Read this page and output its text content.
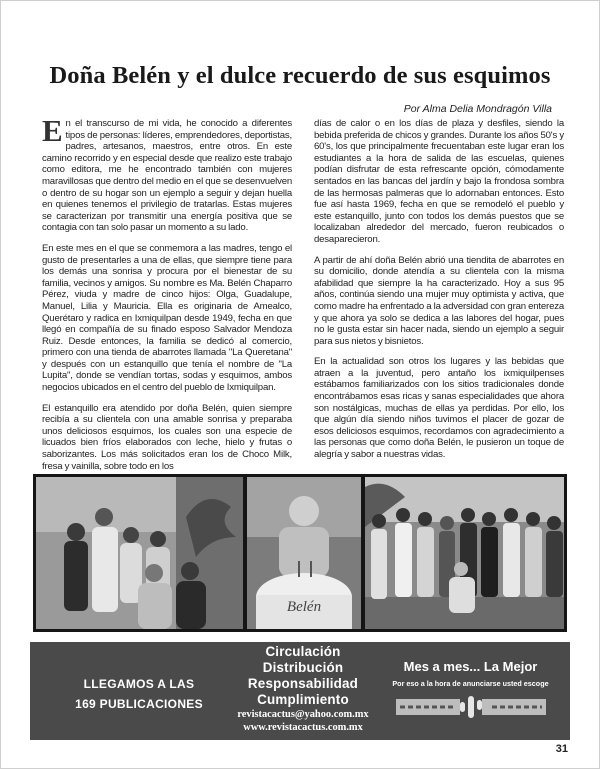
Doña Belén y el dulce recuerdo de sus esquimos
Por Alma Delia Mondragón Villa

En el transcurso de mi vida, he conocido a diferentes tipos de personas: líderes, emprendedores, deportistas, padres, artesanos, maestros, entre otros. En este camino recorrido y en especial desde que realizo este trabajo como editora, me he encontrado también con mujeres maravillosas que dentro del medio en el que se desenvuelven o dentro de su hogar son un ejemplo a seguir y dejan huella en quienes tenemos el privilegio de tratarlas. Estas mujeres se caracterizan por transmitir una energía positiva que se contagia con tan solo pasar un momento a su lado.

En este mes en el que se conmemora a las madres, tengo el gusto de presentarles a una de ellas, que siempre tiene para los demás una sonrisa y procura por el bienestar de su familia, vecinos y amigos. Su nombre es Ma. Belén Chaparro Pérez, viuda y madre de cinco hijos: Olga, Guadalupe, Manuel, Lilia y Mauricia. Ella es originaria de Amealco, Querétaro y radica en Ixmiquilpan desde 1949, fecha en que llegó en compañía de su finado esposo Salvador Mendoza Ruiz. Desde entonces, la familia se dedicó al comercio, primero con una tienda de abarrotes llamada "La Queretana" y después con un estanquillo que tenía el nombre de "La Lupita", donde se vendían tortas, sodas y esquimos, ambos negocios ubicados en el centro del pueblo de Ixmiquilpan.

El estanquillo era atendido por doña Belén, quien siempre recibía a su clientela con una amable sonrisa y preparaba unos deliciosos esquimos, los cuales son una especie de licuados bien fríos elaborados con leche, hielo y frutas o saborizantes. Los más solicitados eran los de Choco Milk, fresa y vainilla, sobre todo en los

días de calor o en los días de plaza y desfiles, siendo la bebida preferida de chicos y grandes. Durante los años 50's y 60's, los que principalmente frecuentaban este lugar eran los estudiantes a la hora de salida de las escuelas, quienes podían disfrutar de esta refrescante opción, cómodamente sentados en las bancas del jardín y bajo la frondosa sombra de las hermosas palmeras que lo adornaban entonces. Esto fue así hasta 1969, fecha en que se remodeló el pueblo y este estanquillo, junto con todos los demás puestos que se localizaban alrededor del mercado, fueron reubicados o desaparecieron.

A partir de ahí doña Belén abrió una tiendita de abarrotes en su domicilio, donde atendía a su clientela con la misma afabilidad que siempre la ha caracterizado. Hoy a sus 95 años, continúa siendo una mujer muy optimista y activa, que como madre ha enfrentado a la adversidad con gran entereza y que ahora ya solo se dedica a las labores del hogar, pues no le gusta estar sin hacer nada, siendo un ejemplo a seguir para sus nietos y bisnietos.

En la actualidad son otros los lugares y las bebidas que atraen a la juventud, pero antaño los ixmiquilpenses estábamos familiarizados con los sitios tradicionales donde encontrábamos esas ricas y sanas especialidades que ahora son nostálgicas, muchas de ellas ya perdidas. Por ello, los que algún día siendo niños tuvimos el placer de gozar de esos deliciosos esquimos, recordamos con agradecimiento a las personas que como doña Belén, le pusieron un toque de alegría y sabor a nuestras vidas.

Belén
LLEGAMOS A LAS
169 PUBLICACIONES
Circulación
Distribución
Responsabilidad
Cumplimiento
revistacactus@yahoo.com.mx
www.revistacactus.com.mx
Mes a mes... La Mejor
Por eso a la hora de anunciarse usted escoge
31
